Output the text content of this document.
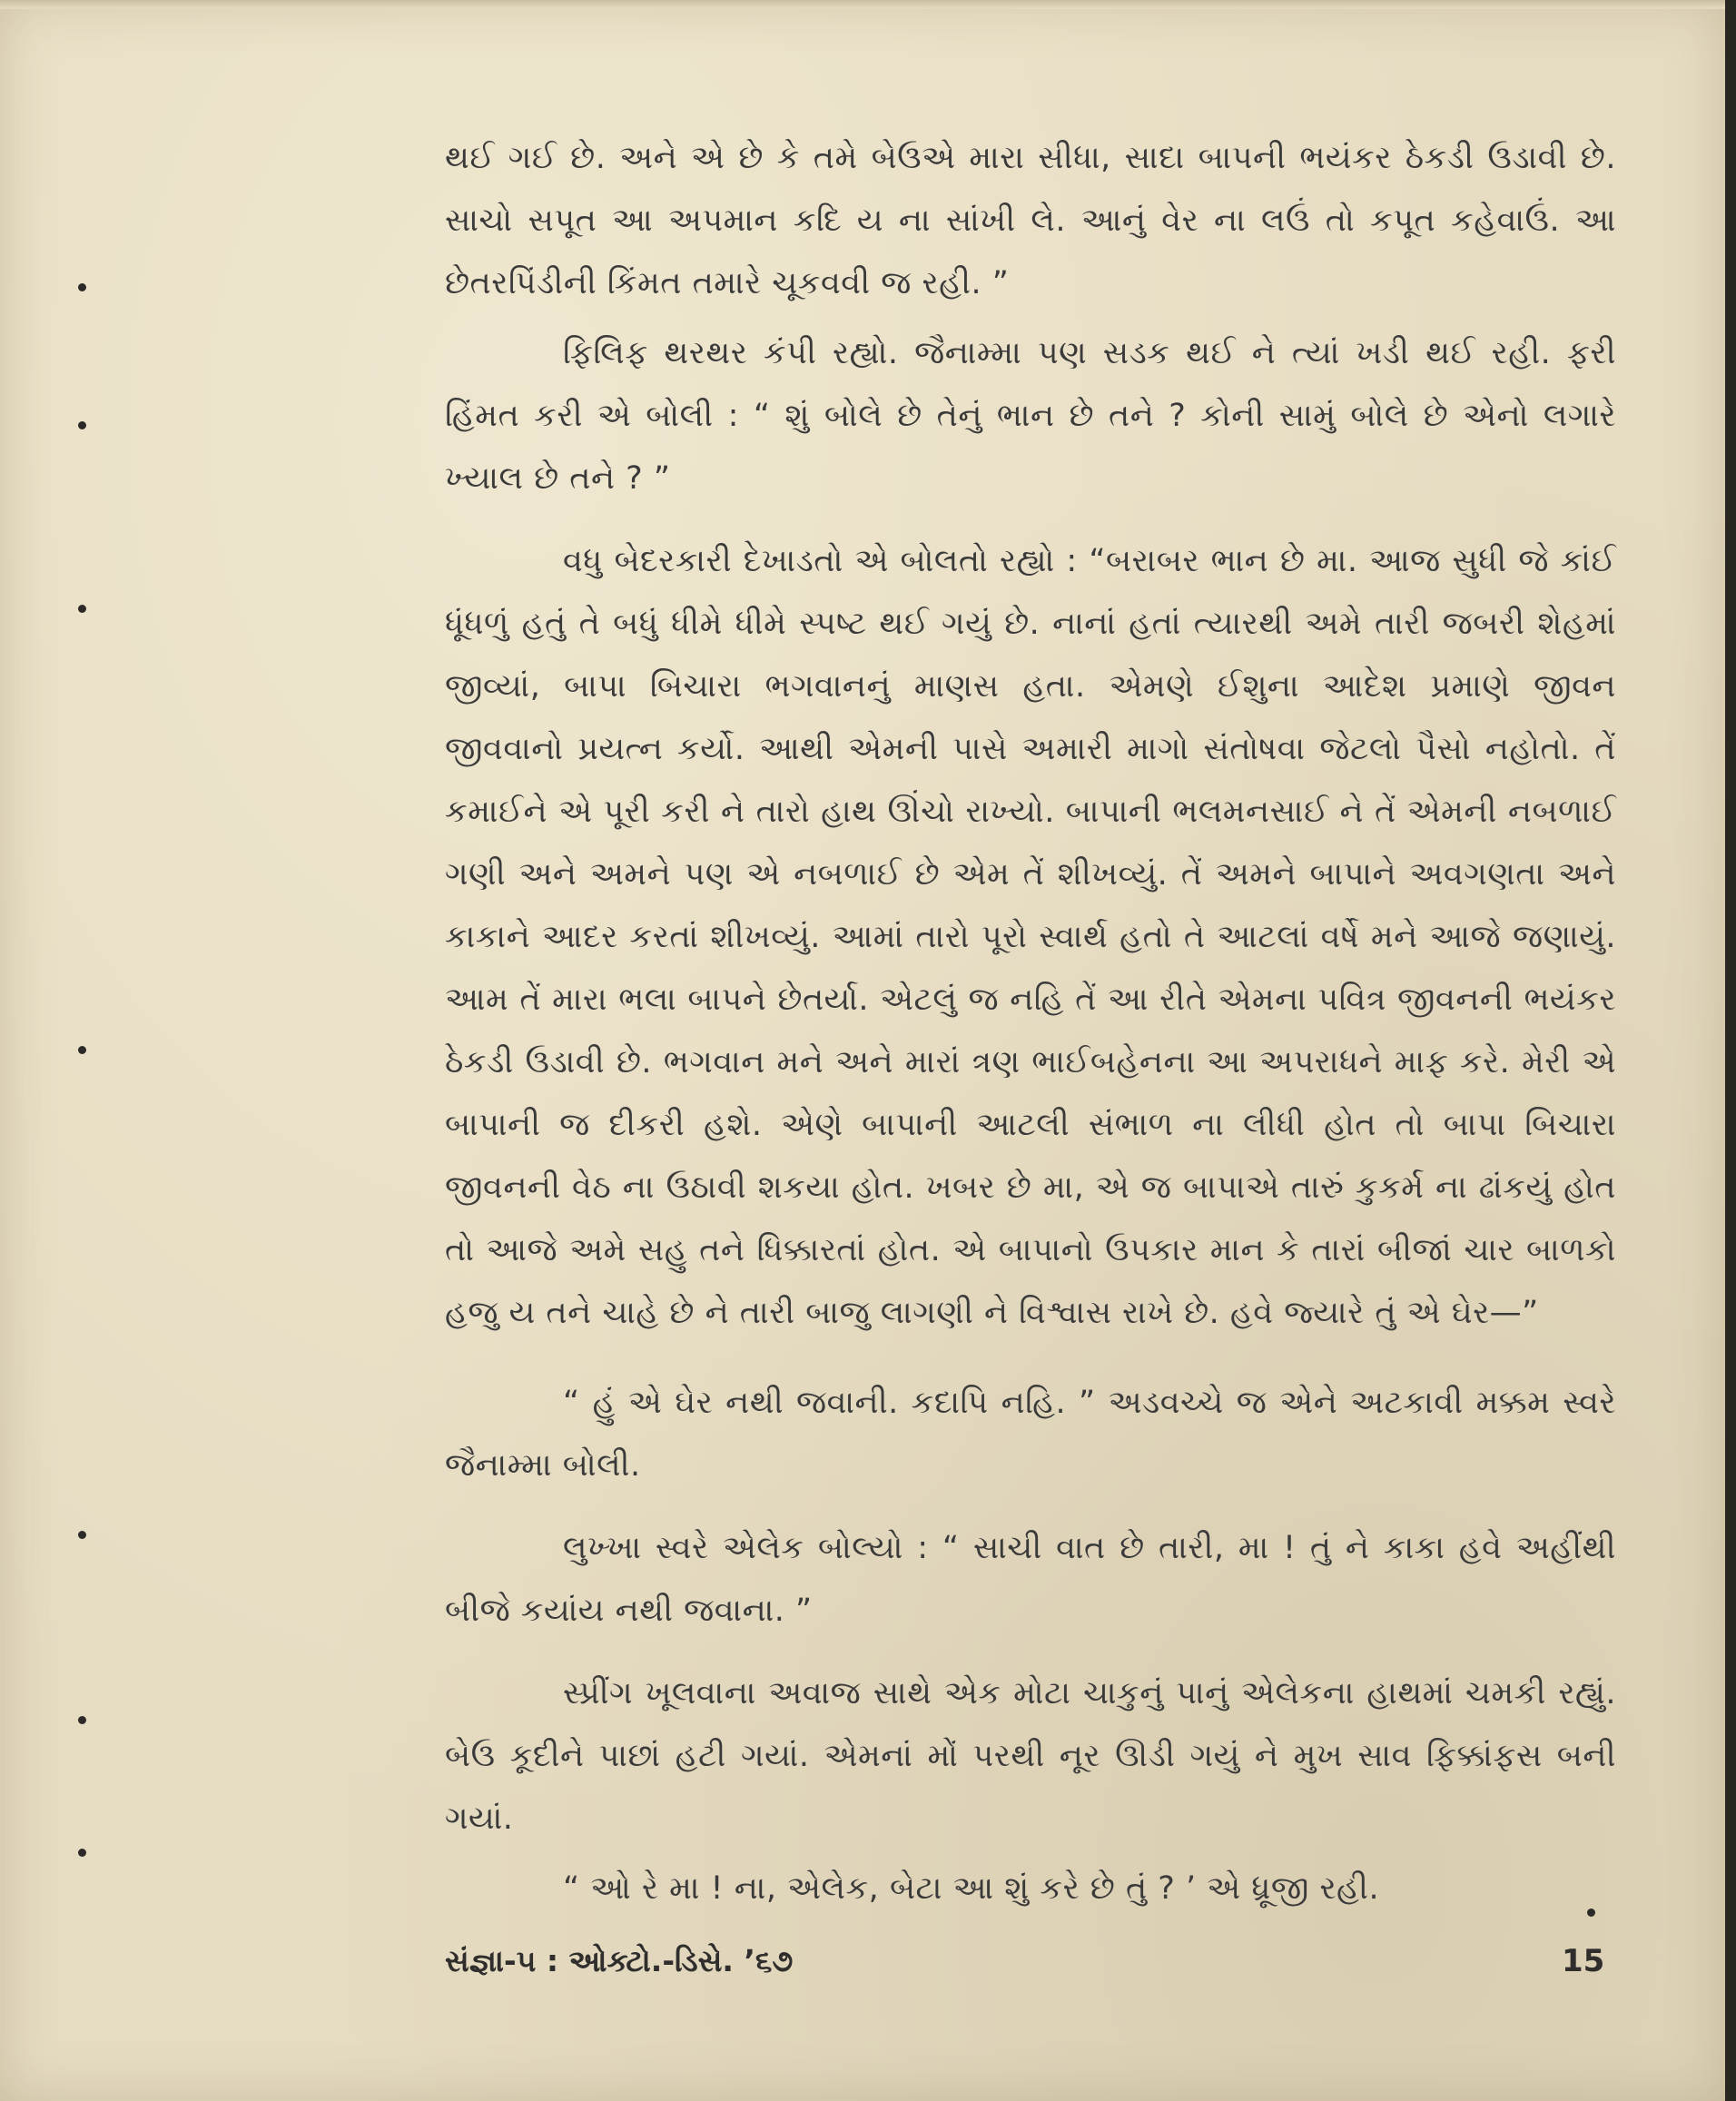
થઈ ગઈ છે. અને એ છે કે તમે બેઉએ મારા સીધા, સાદા બાપની ભયંકર ઠેકડી ઉડાવી છે. સાચો સપૂત આ અપમાન કદિ ય ના સાંખી લે. આનું વેર ના લઉં તો કપૂત કહેવાઉં. આ છેતરપિંડીની કિંમત તમારે ચૂકવવી જ રહી. ”

ફિલિફ થરથર કંપી રહ્યો. જૈનામ્મા પણ સડક થઈ ને ત્યાં ખડી થઈ રહી. ફરી હિંમત કરી એ બોલી : “ શું બોલે છે તેનું ભાન છે તને ? કોની સામું બોલે છે એનો લગારે ખ્યાલ છે તને ? ”

વધુ બેદરકારી દેખાડતો એ બોલતો રહ્યો : “બરાબર ભાન છે મા. આજ સુધી જે કાંઈ ધૂંધળું હતું તે બધું ધીમે ધીમે સ્પષ્ટ થઈ ગયું છે. નાનાં હતાં ત્યારથી અમે તારી જબરી શેહમાં જીવ્યાં, બાપા બિચારા ભગવાનનું માણસ હતા. એમણે ઈશુના આદેશ પ્રમાણે જીવન જીવવાનો પ્રયત્ન કર્યો. આથી એમની પાસે અમારી માગો સંતોષવા જેટલો પૈસો નહોતો. તેં કમાઈને એ પૂરી કરી ને તારો હાથ ઊંચો રાખ્યો. બાપાની ભલમનસાઈ ને તેં એમની નબળાઈ ગણી અને અમને પણ એ નબળાઈ છે એમ તેં શીખવ્યું. તેં અમને બાપાને અવગણતા અને કાકાને આદર કરતાં શીખવ્યું. આમાં તારો પૂરો સ્વાર્થ હતો તે આટલાં વર્ષે મને આજે જણાયું. આમ તેં મારા ભલા બાપને છેતર્યા. એટલું જ નહિ તેં આ રીતે એમના પવિત્ર જીવનની ભયંકર ઠેકડી ઉડાવી છે. ભગવાન મને અને મારાં ત્રણ ભાઈબહેનના આ અપરાધને માફ કરે. મેરી એ બાપાની જ દીકરી હશે. એણે બાપાની આટલી સંભાળ ના લીધી હોત તો બાપા બિચારા જીવનની વેઠ ના ઉઠાવી શકયા હોત. ખબર છે મા, એ જ બાપાએ તારું કુકર્મ ના ઢાંકયું હોત તો આજે અમે સહુ તને ધિક્કારતાં હોત. એ બાપાનો ઉપકાર માન કે તારાં બીજાં ચાર બાળકો હજુ ય તને ચાહે છે ને તારી બાજુ લાગણી ને વિશ્વાસ રાખે છે. હવે જ્યારે તું એ ઘેર—”

“ હું એ ઘેર નથી જવાની. કદાપિ નહિ. ” અડવચ્ચે જ એને અટકાવી મક્કમ સ્વરે જૈનામ્મા બોલી.

લુખ્ખા સ્વરે એલેક બોલ્યો : “ સાચી વાત છે તારી, મા ! તું ને કાકા હવે અહીંથી બીજે કયાંય નથી જવાના. ”

સ્પ્રીંગ ખૂલવાના અવાજ સાથે એક મોટા ચાકુનું પાનું એલેકના હાથમાં ચમકી રહ્યું. બેઉ કૂદીને પાછાં હટી ગયાં. એમનાં મોં પરથી નૂર ઊડી ગયું ને મુખ સાવ ફિક્કાંફસ બની ગયાં.

“ ઓ રે મા ! ના, એલેક, બેટા આ શું કરે છે તું ? ’ એ ધ્રૂજી રહી.

સંજ્ઞા-૫ : ઓક્ટો.-ડિસે. ’૬૭	15
